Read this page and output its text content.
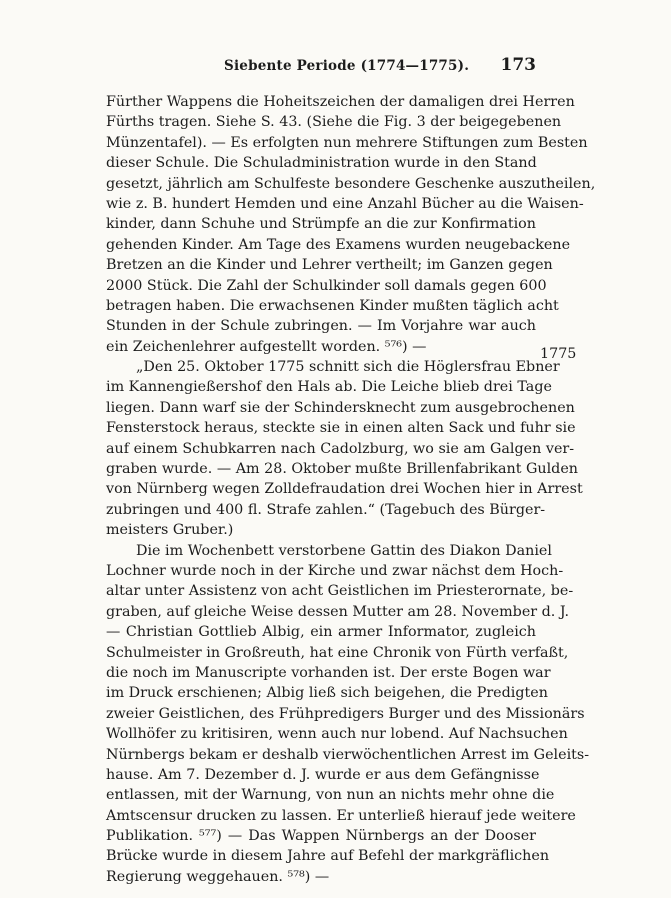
Siebente Periode (1774—1775). 173
1775
Fürther Wappens die Hoheitszeichen der damaligen drei Herren
Fürths tragen. Siehe S. 43. (Siehe die Fig. 3 der beigegebenen
Münzentafel). — Es erfolgten nun mehrere Stiftungen zum Besten
dieser Schule. Die Schuladministration wurde in den Stand
gesetzt, jährlich am Schulfeste besondere Geschenke auszutheilen,
wie z. B. hundert Hemden und eine Anzahl Bücher au die Waisen-
kinder, dann Schuhe und Strümpfe an die zur Konfirmation
gehenden Kinder. Am Tage des Examens wurden neugebackene
Bretzen an die Kinder und Lehrer vertheilt; im Ganzen gegen
2000 Stück. Die Zahl der Schulkinder soll damals gegen 600
betragen haben. Die erwachsenen Kinder mußten täglich acht
Stunden in der Schule zubringen. — Im Vorjahre war auch
ein Zeichenlehrer aufgestellt worden. ⁵⁷⁶) —
„Den 25. Oktober 1775 schnitt sich die Höglersfrau Ebner
im Kannengießershof den Hals ab. Die Leiche blieb drei Tage
liegen. Dann warf sie der Schinderskneсht zum ausgebrochenen
Fensterstock heraus, steckte sie in einen alten Sack und fuhr sie
auf einem Schubkarren nach Cadolzburg, wo sie am Galgen ver-
graben wurde. — Am 28. Oktober mußte Brillenfabrikant Gulden
von Nürnberg wegen Zolldefraudation drei Wochen hier in Arrest
zubringen und 400 fl. Strafe zahlen.“ (Tagebuch des Bürger-
meisters Gruber.)
Die im Wochenbett verstorbene Gattin des Diakon Daniel
Lochner wurde noch in der Kirche und zwar nächst dem Hoch-
altar unter Assistenz von acht Geistlichen im Priesterornate, be-
graben, auf gleiche Weise dessen Mutter am 28. November d. J.
— Christian Gottlieb Albig, ein armer Informator, zugleich
Schulmeister in Großreuth, hat eine Chronik von Fürth verfaßt,
die noch im Manuscripte vorhanden ist. Der erste Bogen war
im Druck erschienen; Albig ließ sich beigehen, die Predigten
zweier Geistlichen, des Frühpredigers Burger und des Missionärs
Wollhöfer zu kritisiren, wenn auch nur lobend. Auf Nachsuchen
Nürnbergs bekam er deshalb vierwöchentlichen Arrest im Geleits-
hause. Am 7. Dezember d. J. wurde er aus dem Gefängnisse
entlassen, mit der Warnung, von nun an nichts mehr ohne die
Amtscensur drucken zu lassen. Er unterließ hierauf jede weitere
Publikation. ⁵⁷⁷) — Das Wappen Nürnbergs an der Dooser
Brücke wurde in diesem Jahre auf Befehl der markgräflichen
Regierung weggehauen. ⁵⁷⁸) —
